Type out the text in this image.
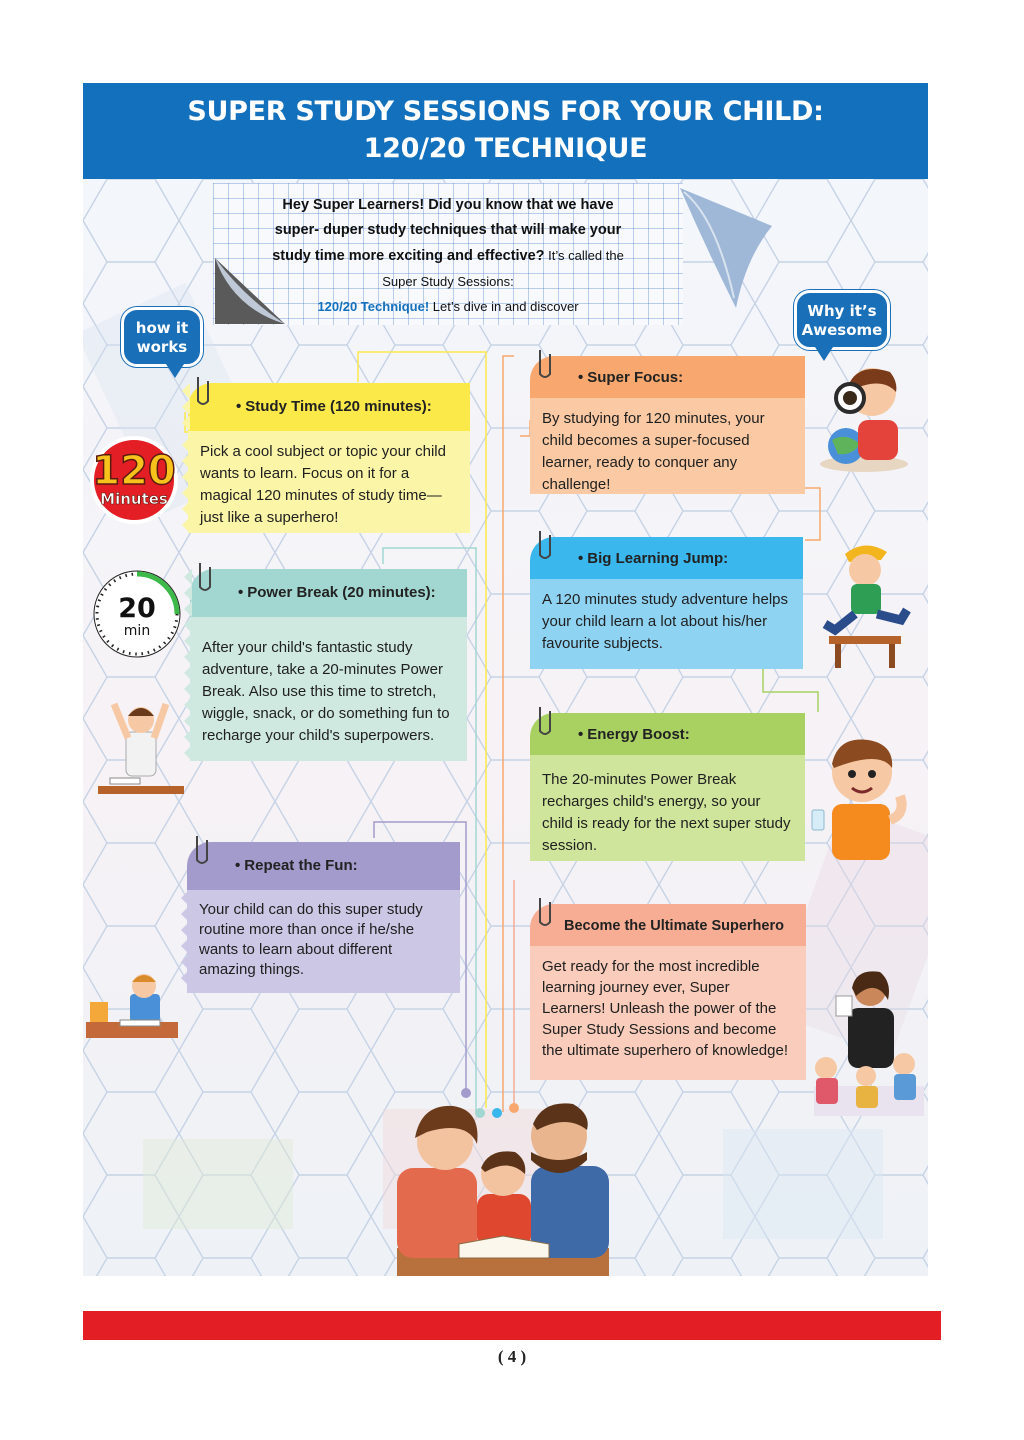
SUPER STUDY SESSIONS FOR YOUR CHILD:
120/20 TECHNIQUE
Hey Super Learners! Did you know that we have
super- duper study techniques that will make your
study time more exciting and effective? It’s called the
Super Study Sessions:
120/20 Technique! Let’s dive in and discover
how it
works
Why it’s
Awesome
120
Minutes
20
min
• Study Time (120 minutes):
Pick a cool subject or topic your child wants to learn. Focus on it for a magical 120 minutes of study time—just like a superhero!
• Power Break (20 minutes):
After your child's fantastic study adventure, take a 20-minutes Power Break. Also use this time to stretch, wiggle, snack, or do something fun to recharge your child's superpowers.
• Repeat the Fun:
Your child can do this super study routine more than once if he/she wants to learn about different amazing things.
• Super Focus:
By studying for 120 minutes, your child becomes a super-focused learner, ready to conquer any challenge!
• Big Learning Jump:
A 120 minutes study adventure helps your child learn a lot about his/her favourite subjects.
• Energy Boost:
The 20-minutes Power Break recharges child's energy, so your child is ready for the next super study session.
Become the Ultimate Superhero
Get ready for the most incredible learning journey ever, Super Learners! Unleash the power of the Super Study Sessions and become the ultimate superhero of knowledge!
( 4 )
